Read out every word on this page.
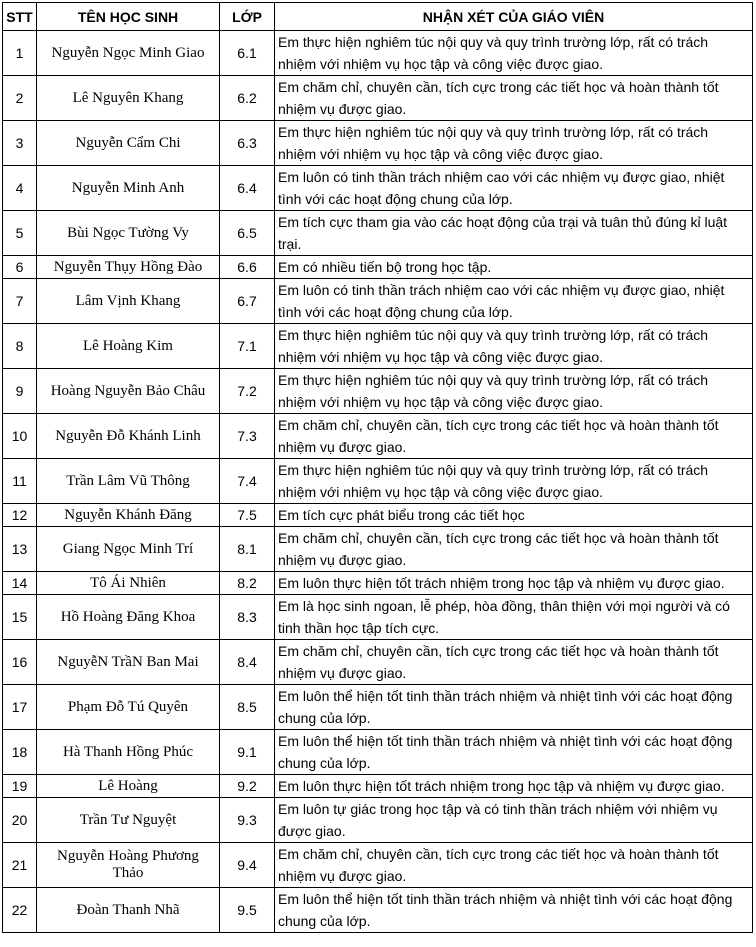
STT	TÊN HỌC SINH	LỚP	NHẬN XÉT CỦA GIÁO VIÊN
1	Nguyễn Ngọc Minh Giao	6.1	Em thực hiện nghiêm túc nội quy và quy trình trường lớp, rất có trách nhiệm với nhiệm vụ học tập và công việc được giao.
2	Lê Nguyên Khang	6.2	Em chăm chỉ, chuyên cần, tích cực trong các tiết học và hoàn thành tốt nhiệm vụ được giao.
3	Nguyễn Cẩm Chi	6.3	Em thực hiện nghiêm túc nội quy và quy trình trường lớp, rất có trách nhiệm với nhiệm vụ học tập và công việc được giao.
4	Nguyễn Minh Anh	6.4	Em luôn có tinh thần trách nhiệm cao với các nhiệm vụ được giao, nhiệt tình với các hoạt động chung của lớp.
5	Bùi Ngọc Tường Vy	6.5	Em tích cực tham gia vào các hoạt động của trại và tuân thủ đúng kỉ luật trại.
6	Nguyễn Thụy Hồng Đào	6.6	Em có nhiều tiến bộ trong học tập.
7	Lâm Vịnh Khang	6.7	Em luôn có tinh thần trách nhiệm cao với các nhiệm vụ được giao, nhiệt tình với các hoạt động chung của lớp.
8	Lê Hoàng Kim	7.1	Em thực hiện nghiêm túc nội quy và quy trình trường lớp, rất có trách nhiệm với nhiệm vụ học tập và công việc được giao.
9	Hoàng Nguyễn Bảo Châu	7.2	Em thực hiện nghiêm túc nội quy và quy trình trường lớp, rất có trách nhiệm với nhiệm vụ học tập và công việc được giao.
10	Nguyễn Đỗ Khánh Linh	7.3	Em chăm chỉ, chuyên cần, tích cực trong các tiết học và hoàn thành tốt nhiệm vụ được giao.
11	Trần Lâm Vũ Thông	7.4	Em thực hiện nghiêm túc nội quy và quy trình trường lớp, rất có trách nhiệm với nhiệm vụ học tập và công việc được giao.
12	Nguyễn Khánh Đăng	7.5	Em tích cực phát biểu trong các tiết học
13	Giang Ngọc Minh Trí	8.1	Em chăm chỉ, chuyên cần, tích cực trong các tiết học và hoàn thành tốt nhiệm vụ được giao.
14	Tô Ái Nhiên	8.2	Em luôn thực hiện tốt trách nhiệm trong học tập và nhiệm vụ được giao.
15	Hồ Hoàng Đăng Khoa	8.3	Em là học sinh ngoan, lễ phép, hòa đồng, thân thiện với mọi người và có tinh thần học tập tích cực.
16	NguyễN TrầN Ban Mai	8.4	Em chăm chỉ, chuyên cần, tích cực trong các tiết học và hoàn thành tốt nhiệm vụ được giao.
17	Phạm Đỗ Tú Quyên	8.5	Em luôn thể hiện tốt tinh thần trách nhiệm và nhiệt tình với các hoạt động chung của lớp.
18	Hà Thanh Hồng Phúc	9.1	Em luôn thể hiện tốt tinh thần trách nhiệm và nhiệt tình với các hoạt động chung của lớp.
19	Lê Hoàng	9.2	Em luôn thực hiện tốt trách nhiệm trong học tập và nhiệm vụ được giao.
20	Trần Tư Nguyệt	9.3	Em luôn tự giác trong học tập và có tinh thần trách nhiệm với nhiệm vụ được giao.
21	Nguyễn Hoàng Phương Thảo	9.4	Em chăm chỉ, chuyên cần, tích cực trong các tiết học và hoàn thành tốt nhiệm vụ được giao.
22	Đoàn Thanh Nhã	9.5	Em luôn thể hiện tốt tinh thần trách nhiệm và nhiệt tình với các hoạt động chung của lớp.
